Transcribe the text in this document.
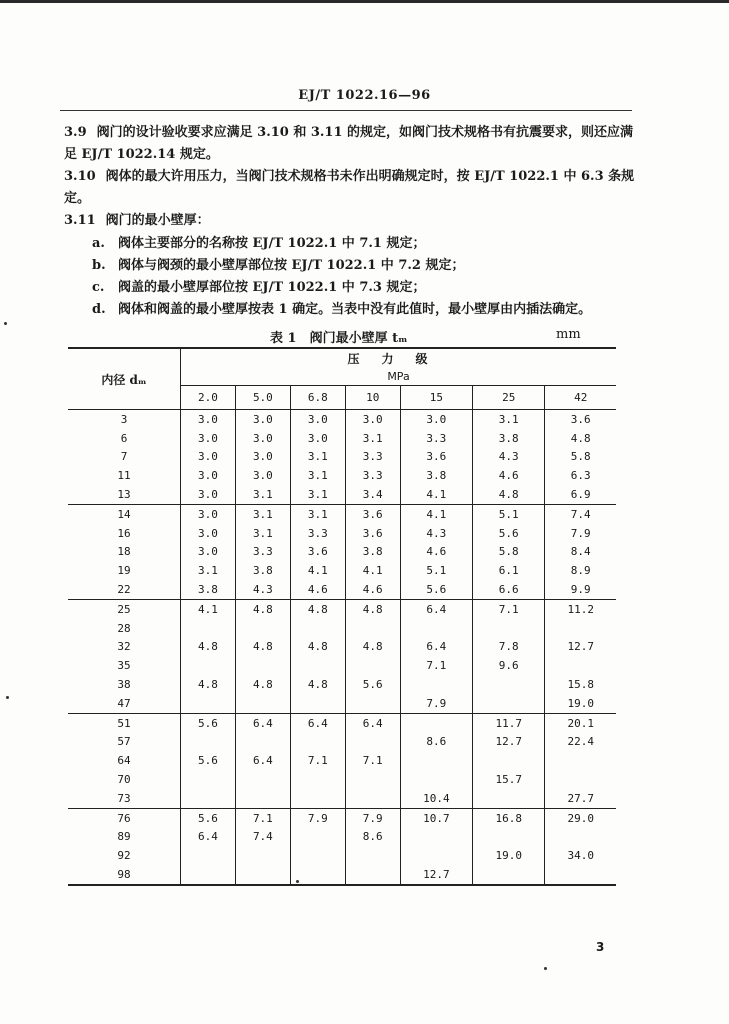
EJ/T 1022.16—96
3.9 阀门的设计验收要求应满足 3.10 和 3.11 的规定，如阀门技术规格书有抗震要求，则还应满足 EJ/T 1022.14 规定。
3.10 阀体的最大许用压力，当阀门技术规格书未作出明确规定时，按 EJ/T 1022.1 中 6.3 条规定。
3.11 阀门的最小壁厚：
a. 阀体主要部分的名称按 EJ/T 1022.1 中 7.1 规定；
b. 阀体与阀颈的最小壁厚部位按 EJ/T 1022.1 中 7.2 规定；
c. 阀盖的最小壁厚部位按 EJ/T 1022.1 中 7.3 规定；
d. 阀体和阀盖的最小壁厚按表 1 确定。当表中没有此值时，最小壁厚由内插法确定。
表 1　阀门最小壁厚 tₘ	mm
内径 dₘ	压力级						
	MPa						
	2.0	5.0	6.8	10	15	25	42
3	3.0	3.0	3.0	3.0	3.0	3.1	3.6
6	3.0	3.0	3.0	3.1	3.3	3.8	4.8
7	3.0	3.0	3.1	3.3	3.6	4.3	5.8
11	3.0	3.0	3.1	3.3	3.8	4.6	6.3
13	3.0	3.1	3.1	3.4	4.1	4.8	6.9
14	3.0	3.1	3.1	3.6	4.1	5.1	7.4
16	3.0	3.1	3.3	3.6	4.3	5.6	7.9
18	3.0	3.3	3.6	3.8	4.6	5.8	8.4
19	3.1	3.8	4.1	4.1	5.1	6.1	8.9
22	3.8	4.3	4.6	4.6	5.6	6.6	9.9
25	4.1	4.8	4.8	4.8	6.4	7.1	11.2
28							
32	4.8	4.8	4.8	4.8	6.4	7.8	12.7
35					7.1	9.6	
38	4.8	4.8	4.8	5.6			15.8
47					7.9		19.0
51	5.6	6.4	6.4	6.4		11.7	20.1
57					8.6	12.7	22.4
64	5.6	6.4	7.1	7.1			
70						15.7	
73					10.4		27.7
76	5.6	7.1	7.9	7.9	10.7	16.8	29.0
89	6.4	7.4		8.6			
92						19.0	34.0
98					12.7		
3
